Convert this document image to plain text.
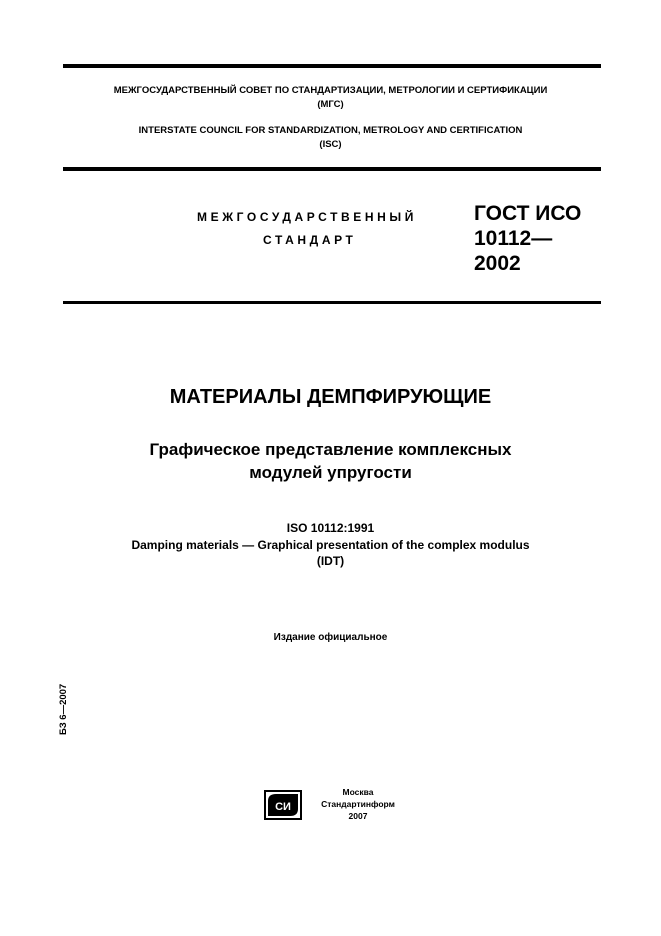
МЕЖГОСУДАРСТВЕННЫЙ СОВЕТ ПО СТАНДАРТИЗАЦИИ, МЕТРОЛОГИИ И СЕРТИФИКАЦИИ
(МГС)
INTERSTATE COUNCIL FOR STANDARDIZATION, METROLOGY AND CERTIFICATION
(ISC)
МЕЖГОСУДАРСТВЕННЫЙ
СТАНДАРТ
ГОСТ ИСО
10112—
2002
МАТЕРИАЛЫ ДЕМПФИРУЮЩИЕ
Графическое представление комплексных
модулей упругости
ISO 10112:1991
Damping materials — Graphical presentation of the complex modulus
(IDT)
Издание официальное
БЗ 6—2007
СИ
Москва
Стандартинформ
2007
